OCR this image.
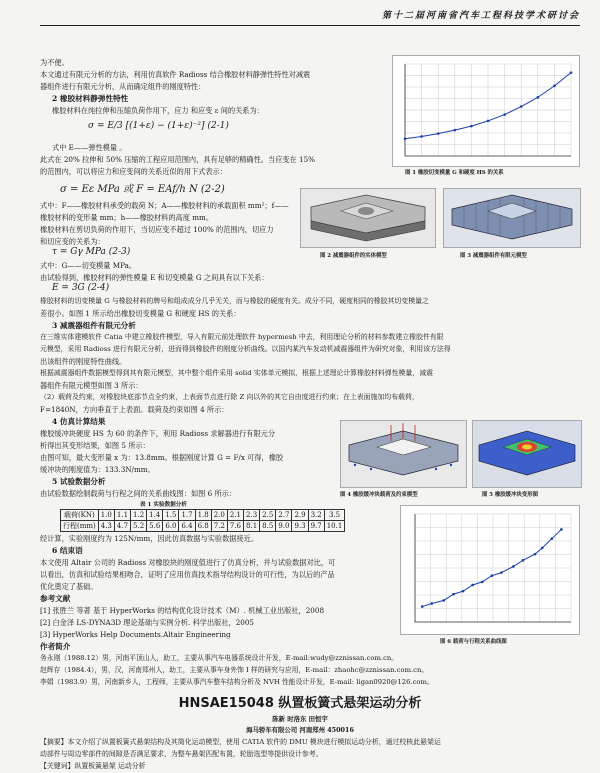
第十二届河南省汽车工程科技学术研讨会
为不便。
本文通过有限元分析的方法，利用仿真软件 Radioss 结合橡胶材料静弹性特性对减震
器组件进行有限元分析，从而确定组件的刚度特性：
2 橡胶材料静弹性特性
橡胶材料在纯拉伸和压缩负荷作用下，应力 和应变 ε 间的关系为：
σ = E/3 [(1+ε) − (1+ε)⁻²] (2-1)
式中 E——弹性模量 。
此式在 20% 拉伸和 50% 压缩的工程应用范围内，具有足够的精确性。当应变在 15%
的范围内，可以将应力和应变间的关系近似的用下式表示：
σ = Eε MPa 或 F = EAf/h N (2-2)
式中：F——橡胶材料承受的载荷 N；A——橡胶材料的承载面积 mm²；f——
橡胶材料的变形量 mm；h——橡胶材料的高度 mm。
橡胶材料在剪切负荷的作用下，当切应变不超过 100% 的范围内，切应力
和切应变的关系为：
τ = Gγ MPa (2-3)
式中：G——切变模量 MPa。
由试验得到，橡胶材料的弹性模量 E 和切变模量 G 之间具有以下关系：
E = 3G (2-4)
橡胶材料的切变模量 G 与橡胶材料的牌号和组成成分几乎无关，而与橡胶的硬度有关。成分不同，硬度相同的橡胶其切变模量之
差很小。如图 1 所示给出橡胶切变模量 G 和硬度 HS 的关系：
3 减震器组件有限元分析
在三维实体建模软件 Catia 中建立橡胶件模型，导入有限元前处理软件 hypermesh 中去，利用理论分析的材料参数建立橡胶件有限
元模型，采用 Radioss 进行有限元分析，进而得到橡胶件的刚度分析曲线。以国内某汽车发动机减震器组件为研究对象，利用该方法得
出该组件的刚度特性曲线。
根据减震器组件数据模型得到其有限元模型，其中整个组件采用 solid 实体单元模拟，根据上述理论计算橡胶材料弹性模量，减震
器组件有限元模型如图 3 所示：
（2）载荷及约束，对橡胶块底部节点全约束，上表面节点进行除 Z 向以外的其它自由度进行约束；在上表面施加均布载荷，
F=1840N，方向垂直于上表面。载荷及约束如图 4 所示：
4 仿真计算结果
橡胶缓冲块硬度 HS 为 60 的条件下，利用 Radioss 求解器进行有限元分
析得出其变形结果，如图 5 所示：
由图可知，最大变形量 x 为：13.8mm。根据刚度计算 G = F/x 可得，橡胶
缓冲块的刚度值为：133.3N/mm。
5 试验数据分析
由试验数据绘制载荷与行程之间的关系曲线图：如图 6 所示：
表 1 实验数据分析
载荷(KN)	1.0	1.1	1.2	1.4	1.5	1.7	1.8	2.0	2.1	2.3	2.5	2.7	2.9	3.2	3.5
行程(mm)	4.3	4.7	5.2	5.6	6.0	6.4	6.8	7.2	7.6	8.1	8.5	9.0	9.3	9.7	10.1
经计算，实验刚度约为 125N/mm，因此仿真数据与实验数据接近。
6 结束语
本文使用 Altair 公司的 Radioss 对橡胶块的刚度值进行了仿真分析，并与试验数据对比，可
以看出，仿真和试验结果相吻合，证明了应用仿真技术指导结构设计的可行性，为以后的产品
优化奠定了基础。
参考文献
[1] 张胜兰 等著 基于 HyperWorks 的结构优化设计技术（M）. 机械工业出版社，2008
[2] 白金泽 LS-DYNA3D 理论基础与实例分析. 科学出版社，2005
[3] HyperWorks Help Documents.Altair Engineering
作者简介
务永刚（1988.12）男，河南平顶山人，助工，主要从事汽车电器系统设计开发，E-mail:wudy@zznissan.com.cn。
赵辉存（1984.4），男，汉，河南郑州人，助工，主要从事车身外饰 I 样的研究与应用，E-mail：zhaohc@zznissan.com.cn。
李娟（1983.9）男，河南新乡人，工程师，主要从事汽车整车结构分析及 NVH 性能设计开发，E-mail: ligan0920@126.com。
HNSAE15048 纵置板簧式悬架运动分析
陈新 时洛东 田恒宇
海马轿车有限公司 河南郑州 450016
【摘要】本文介绍了纵置板簧式悬架结构及其简化运动模型，使用 CATIA 软件的 DMU 模块进行模拟运动分析，通过校核此悬架运
动部件与周边零部件的间隙是否满足要求，为整车悬架匹配布置，轮胎选型等提供设计参考。
【关键词】纵置板簧悬架 运动分析
图 1 橡胶切变模量 G 和硬度 HS 的关系
图 2 减震器组件的实体模型	图 3 减震器组件有限元模型
图 4 橡胶缓冲块载荷及约束模型	图 5 橡胶缓冲块变形图
图 6 载荷与行程关系曲线图
